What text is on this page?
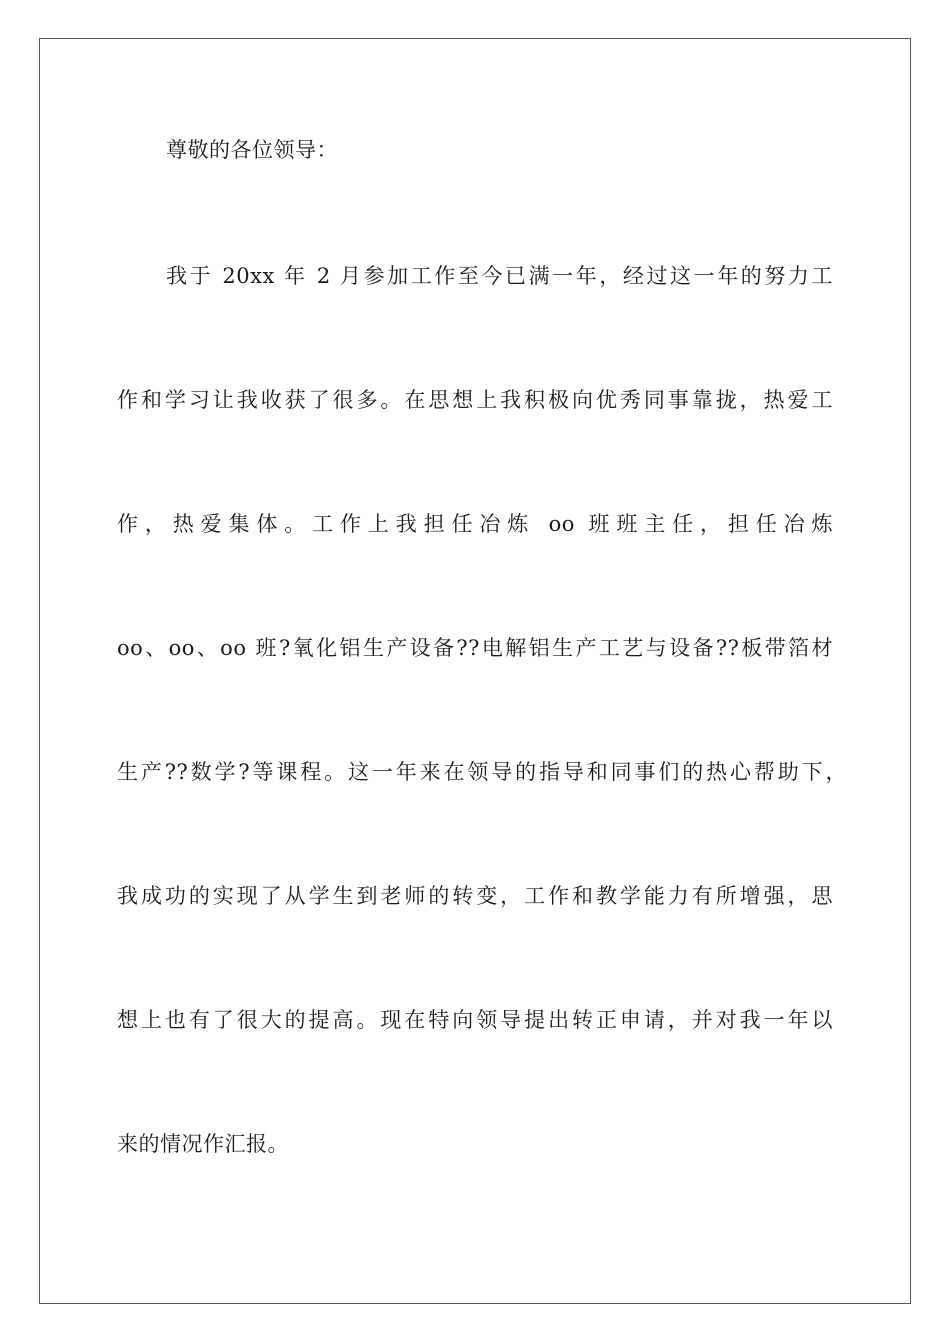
尊敬的各位领导：
我于 20xx 年 2 月参加工作至今已满一年，经过这一年的努力工
作和学习让我收获了很多。在思想上我积极向优秀同事靠拢，热爱工
作，热爱集体。工作上我担任冶炼 oo 班班主任，担任冶炼
oo、oo、oo 班?氧化铝生产设备??电解铝生产工艺与设备??板带箔材
生产??数学?等课程。这一年来在领导的指导和同事们的热心帮助下，
我成功的实现了从学生到老师的转变，工作和教学能力有所增强，思
想上也有了很大的提高。现在特向领导提出转正申请，并对我一年以
来的情况作汇报。
